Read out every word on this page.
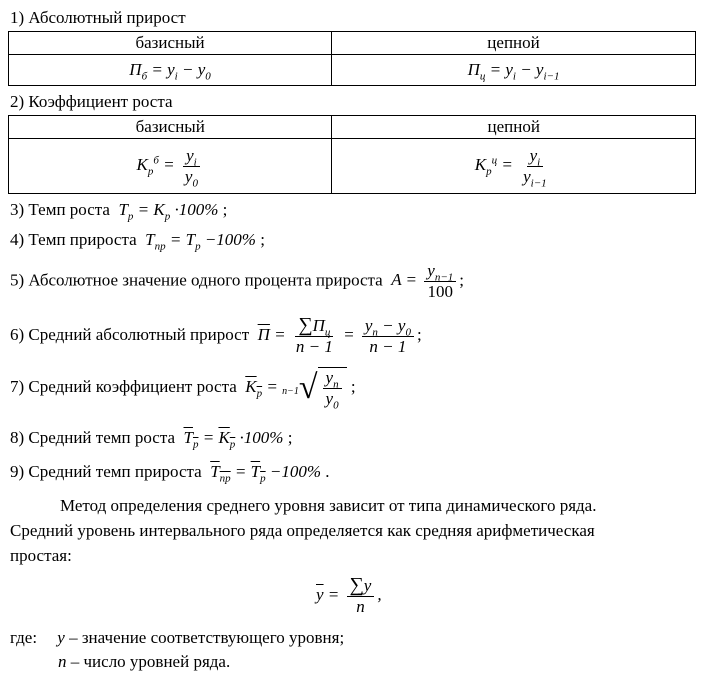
1) Абсолютный прирост
базисный	цепной
$П_б = y_i - y_0$	$П_ц = y_i - y_{i-1}$
2) Коэффициент роста
базисный	цепной
$K_p^б = \frac{y_i}{y_0}$	$K_p^ц = \frac{y_i}{y_{i-1}}$
3) Темп роста  $T_p = K_p \cdot 100\%$ ;
4) Темп прироста  $T_{пр} = T_p -100\%$ ;
5) Абсолютное значение одного процента прироста  $A = \frac{y_{n-1}}{100}$ ;
6) Средний абсолютный прирост $П = \frac{\sum П_ц}{n - 1} = \frac{y_n - y_0}{n - 1}$ ;
7) Средний коэффициент роста $K_p = n-1$ √ $\frac{y_n}{y_0}$ ;
8) Средний темп роста $T_p = K_p \cdot 100\%$ ;
9) Средний темп прироста $T_{пр} = T_p -100\%$ .
Метод определения среднего уровня зависит от типа динамического ряда.
Средний уровень интервального ряда определяется как средняя арифметическая
простая:
$\overline{y} = \frac{\sum y}{n}$ ,
где: y – значение соответствующего уровня;
n – число уровней ряда.
